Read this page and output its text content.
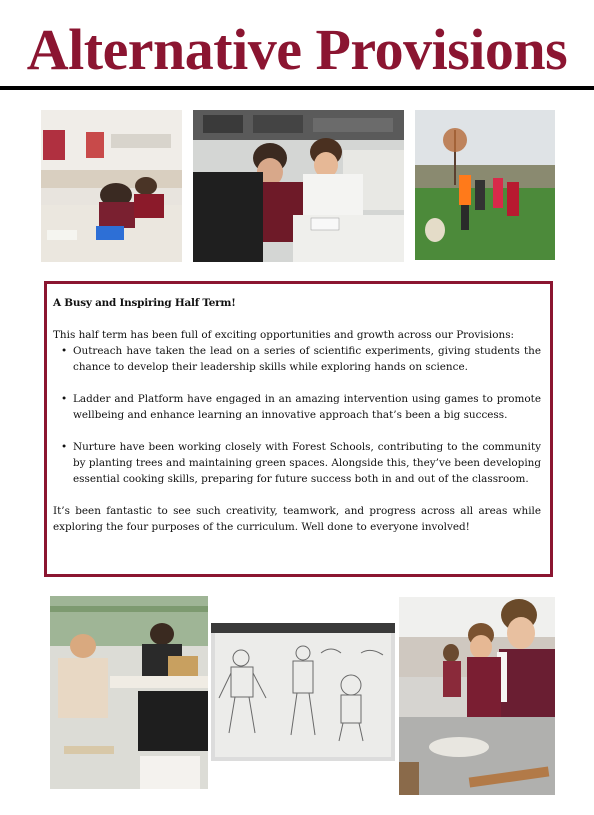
Alternative Provisions
A Busy and Inspiring Half Term!
This half term has been full of exciting opportunities and growth across our Provisions:
• Outreach have taken the lead on a series of scientific experiments, giving students the chance to develop their leadership skills while exploring hands on science.
• Ladder and Platform have engaged in an amazing intervention using games to promote wellbeing and enhance learning an innovative approach that’s been a big success.
• Nurture have been working closely with Forest Schools, contributing to the community by planting trees and maintaining green spaces. Alongside this, they’ve been developing essential cooking skills, preparing for future success both in and out of the classroom.
It’s been fantastic to see such creativity, teamwork, and progress across all areas while exploring the four purposes of the curriculum. Well done to everyone involved!
